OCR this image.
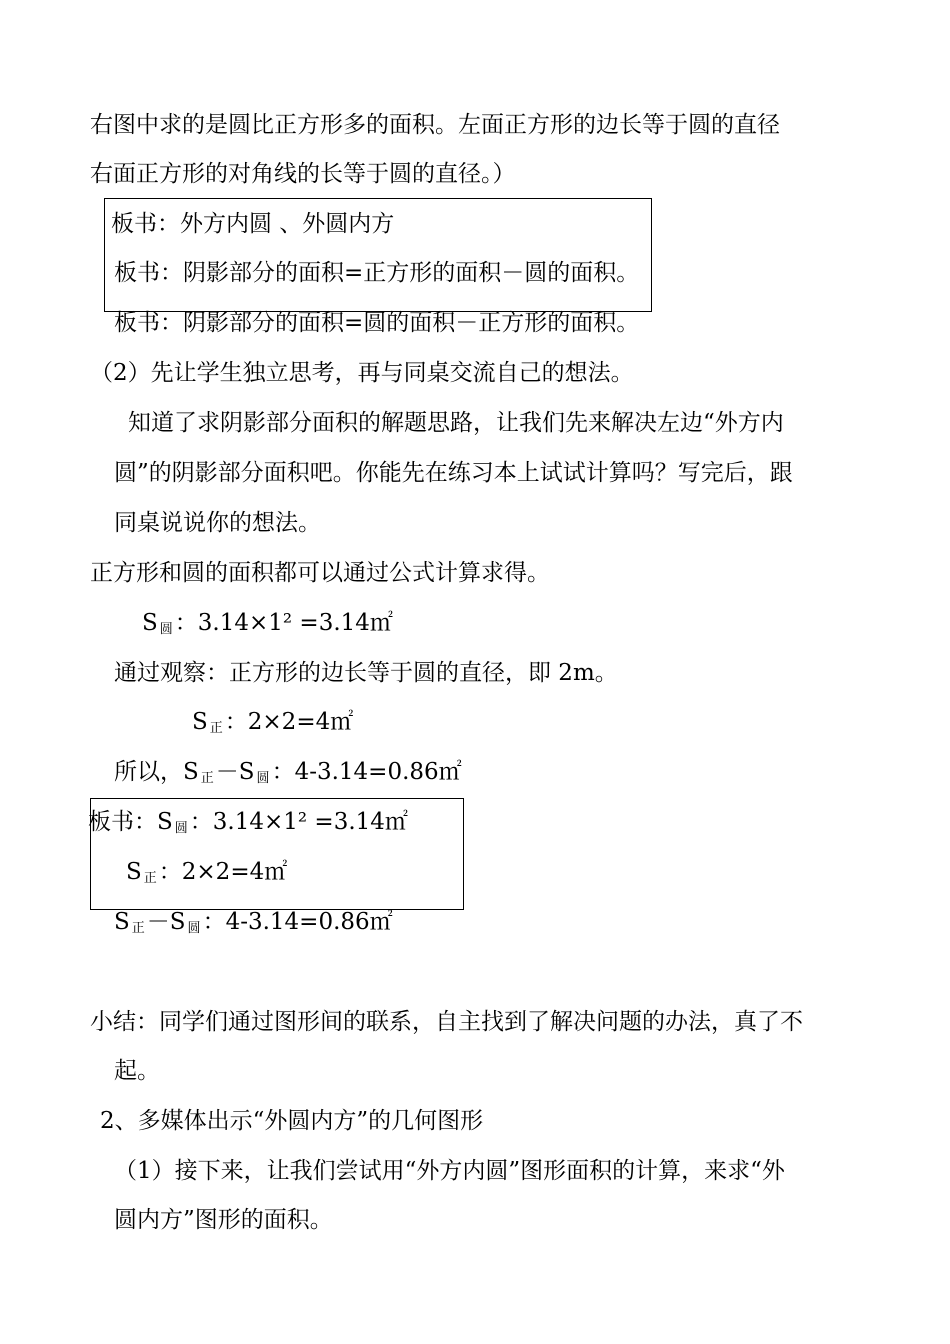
右图中求的是圆比正方形多的面积。左面正方形的边长等于圆的直径
右面正方形的对角线的长等于圆的直径。）
板书：外方内圆 、外圆内方
板书：阴影部分的面积=正方形的面积－圆的面积。
板书：阴影部分的面积=圆的面积－正方形的面积。
（2）先让学生独立思考，再与同桌交流自己的想法。
知道了求阴影部分面积的解题思路，让我们先来解决左边“外方内
圆”的阴影部分面积吧。你能先在练习本上试试计算吗？写完后，跟
同桌说说你的想法。
正方形和圆的面积都可以通过公式计算求得。
S圆：3.14×1² =3.14㎡
通过观察：正方形的边长等于圆的直径，即 2m。
S正：2×2=4㎡
所以，S 正－S 圆：4-3.14=0.86㎡
板书：S 圆：3.14×1² =3.14㎡
S正：2×2=4㎡
S正－S 圆：4-3.14=0.86㎡
小结：同学们通过图形间的联系，自主找到了解决问题的办法，真了不
起。
2、多媒体出示“外圆内方”的几何图形
（1）接下来，让我们尝试用“外方内圆”图形面积的计算，来求“外
圆内方”图形的面积。
